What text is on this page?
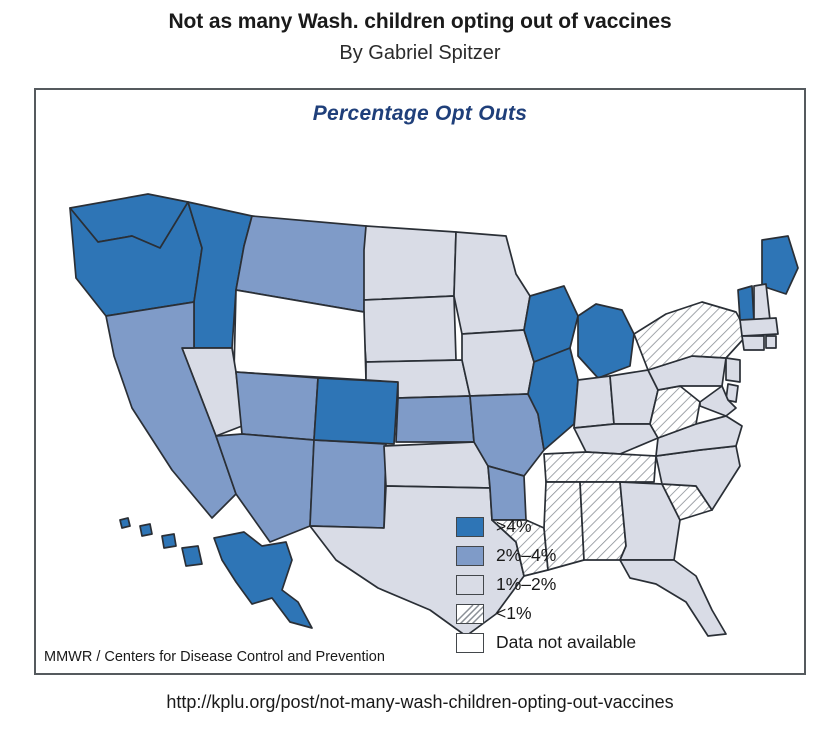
Not as many Wash. children opting out of vaccines
By Gabriel Spitzer
Percentage Opt Outs
>4%
2%–4%
1%–2%
<1%
Data not available
MMWR / Centers for Disease Control and Prevention
http://kplu.org/post/not-many-wash-children-opting-out-vaccines
